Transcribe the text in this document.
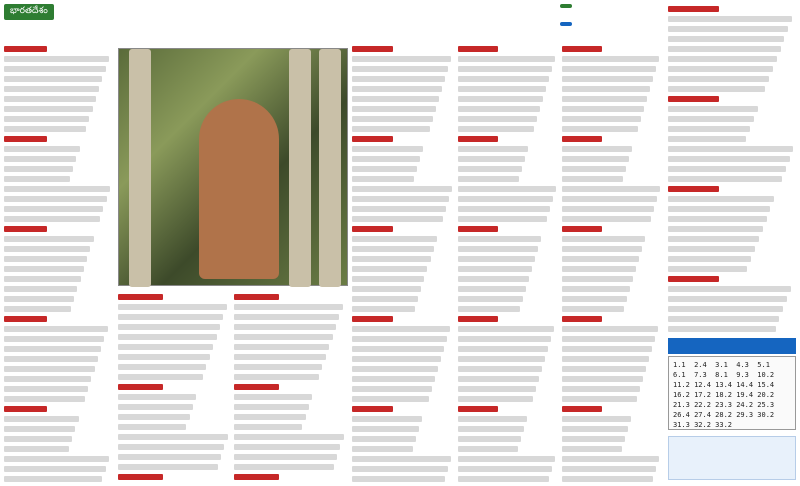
భారతదేశం
1.1  2.4  3.1  4.3  5.1
6.1  7.3  8.1  9.3  10.2
11.2 12.4 13.4 14.4 15.4
16.2 17.2 18.2 19.4 20.2
21.3 22.2 23.3 24.2 25.3
26.4 27.4 28.2 29.3 30.2
31.3 32.2 33.2
